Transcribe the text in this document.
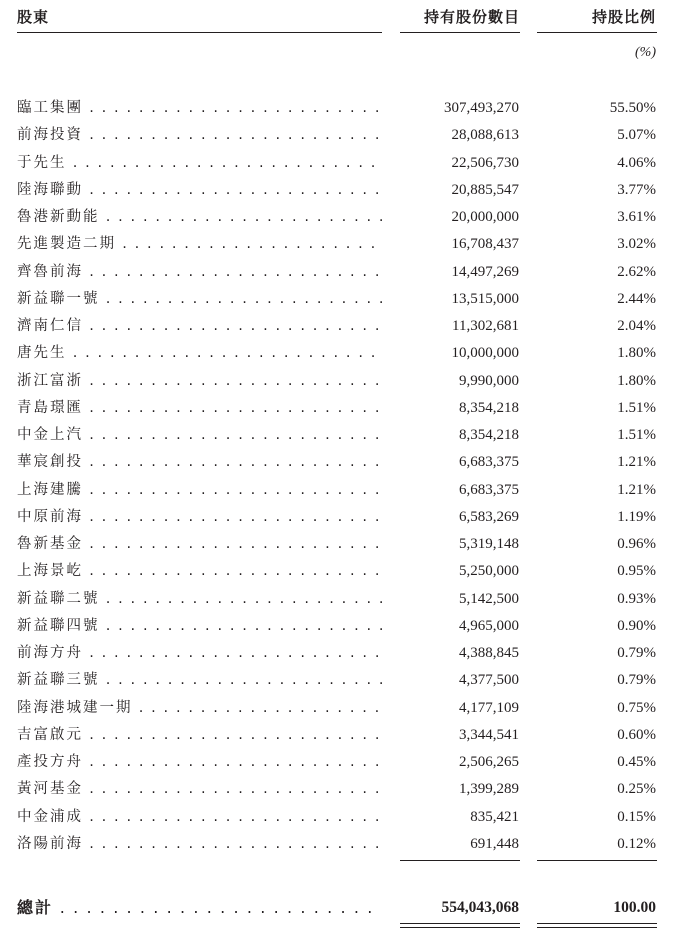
股東	持有股份數目	持股比例
(%)
臨工集團 . . .	307,493,270	55.50%
前海投資 . . .	28,088,613	5.07%
于先生 . . .	22,506,730	4.06%
陸海聯動 . . .	20,885,547	3.77%
魯港新動能 . . .	20,000,000	3.61%
先進製造二期 . . .	16,708,437	3.02%
齊魯前海 . . .	14,497,269	2.62%
新益聯一號 . . .	13,515,000	2.44%
濟南仁信 . . .	11,302,681	2.04%
唐先生 . . .	10,000,000	1.80%
浙江富浙 . . .	9,990,000	1.80%
青島璟匯 . . .	8,354,218	1.51%
中金上汽 . . .	8,354,218	1.51%
華宸創投 . . .	6,683,375	1.21%
上海建騰 . . .	6,683,375	1.21%
中原前海 . . .	6,583,269	1.19%
魯新基金 . . .	5,319,148	0.96%
上海景屹 . . .	5,250,000	0.95%
新益聯二號 . . .	5,142,500	0.93%
新益聯四號 . . .	4,965,000	0.90%
前海方舟 . . .	4,388,845	0.79%
新益聯三號 . . .	4,377,500	0.79%
陸海港城建一期 . . .	4,177,109	0.75%
吉富啟元 . . .	3,344,541	0.60%
產投方舟 . . .	2,506,265	0.45%
黃河基金 . . .	1,399,289	0.25%
中金浦成 . . .	835,421	0.15%
洛陽前海 . . .	691,448	0.12%
總計 . . .	554,043,068	100.00
